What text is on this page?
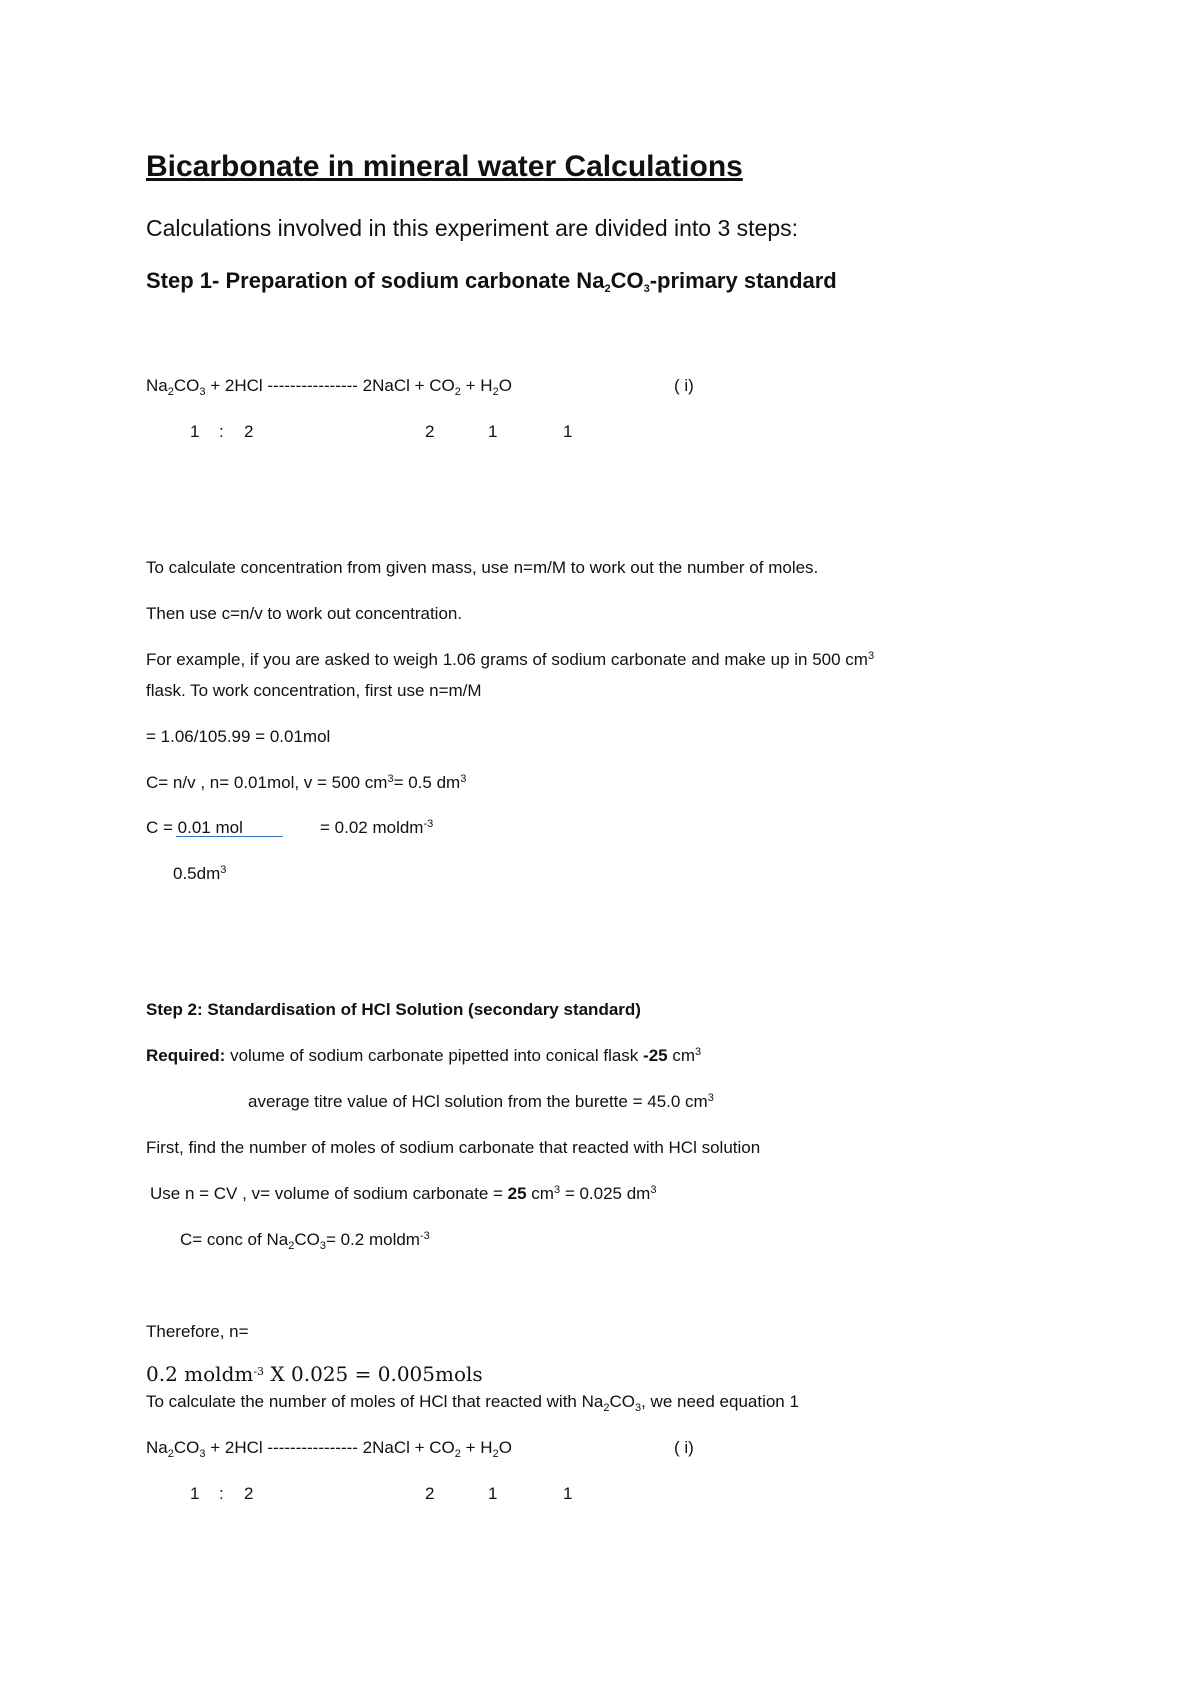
Bicarbonate in mineral water Calculations
Calculations involved in this experiment are divided into 3 steps:
Step 1- Preparation of sodium carbonate $Na_2CO_3$-primary standard
$Na_2CO_3 + 2HCl$ ---------------- 2NaCl + $CO_2 + H_2O$	( i)
1 : 2	2	1	1
To calculate concentration from given mass, use n=m/M to work out the number of moles.
Then use c=n/v to work out concentration.
For example, if you are asked to weigh 1.06 grams of sodium carbonate and make up in 500 $cm^3$
flask. To work concentration, first use n=m/M
= 1.06/105.99 = 0.01mol
C= n/v , n= 0.01mol, v = 500 $cm^3= 0.5$ $dm^3$
C = 0.01 mol	= 0.02 moldm$^{-3}$
$0.5dm^3$
Step 2: Standardisation of HCl Solution (secondary standard)
Required: volume of sodium carbonate pipetted into conical flask -25 $cm^3$
average titre value of HCl solution from the burette = 45.0 $cm^3$
First, find the number of moles of sodium carbonate that reacted with HCl solution
Use n = CV , v= volume of sodium carbonate = 25 $cm^3 = 0.025$ $dm^3$
C= conc of $Na_2CO_3= 0.2$ moldm$^{-3}$
Therefore, n=
0.2 moldm$^{-3}$ X 0.025 = 0.005mols
To calculate the number of moles of HCl that reacted with $Na_2CO_3$, we need equation 1
$Na_2CO_3 + 2HCl$ ---------------- 2NaCl + $CO_2 + H_2O$	( i)
1 : 2	2	1	1
